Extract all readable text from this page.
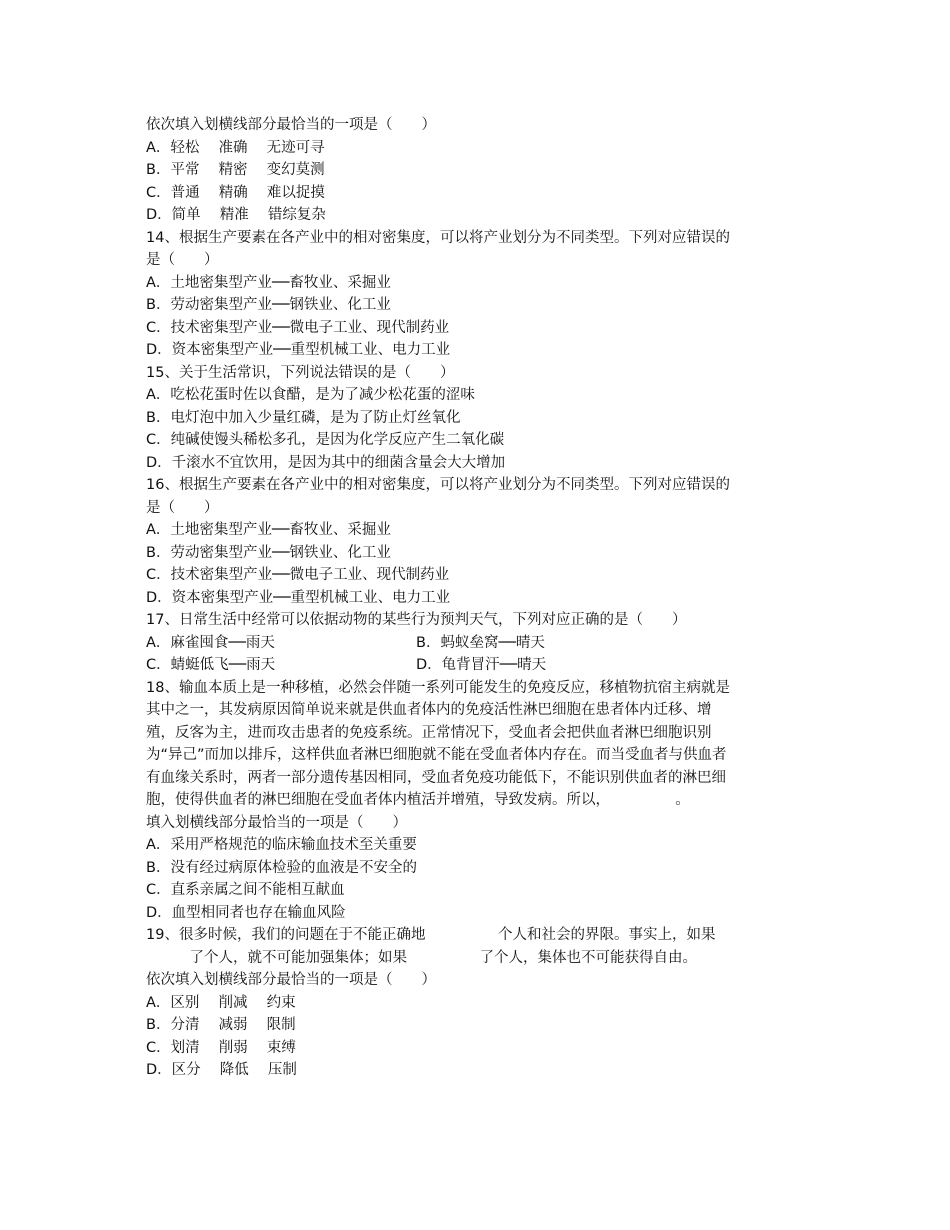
依次填入划横线部分最恰当的一项是（　　）
A．轻松　 准确　 无迹可寻
B．平常　 精密　 变幻莫测
C．普通　 精确　 难以捉摸
D．简单　 精准　 错综复杂
14、根据生产要素在各产业中的相对密集度，可以将产业划分为不同类型。下列对应错误的
是（　　）
A．土地密集型产业──畜牧业、采掘业
B．劳动密集型产业──钢铁业、化工业
C．技术密集型产业──微电子工业、现代制药业
D．资本密集型产业──重型机械工业、电力工业
15、关于生活常识，下列说法错误的是（　　）
A．吃松花蛋时佐以食醋，是为了减少松花蛋的涩味
B．电灯泡中加入少量红磷，是为了防止灯丝氧化
C．纯碱使馒头稀松多孔，是因为化学反应产生二氧化碳
D．千滚水不宜饮用，是因为其中的细菌含量会大大增加
16、根据生产要素在各产业中的相对密集度，可以将产业划分为不同类型。下列对应错误的
是（　　）
A．土地密集型产业──畜牧业、采掘业
B．劳动密集型产业──钢铁业、化工业
C．技术密集型产业──微电子工业、现代制药业
D．资本密集型产业──重型机械工业、电力工业
17、日常生活中经常可以依据动物的某些行为预判天气，下列对应正确的是（　　）
A．麻雀囤食──雨天	B．蚂蚁垒窝──晴天
C．蜻蜓低飞──雨天	D．龟背冒汗──晴天
18、输血本质上是一种移植，必然会伴随一系列可能发生的免疫反应，移植物抗宿主病就是
其中之一，其发病原因简单说来就是供血者体内的免疫活性淋巴细胞在患者体内迁移、增
殖，反客为主，进而攻击患者的免疫系统。正常情况下，受血者会把供血者淋巴细胞识别
为“异己”而加以排斥，这样供血者淋巴细胞就不能在受血者体内存在。而当受血者与供血者
有血缘关系时，两者一部分遗传基因相同，受血者免疫功能低下，不能识别供血者的淋巴细
胞，使得供血者的淋巴细胞在受血者体内植活并增殖，导致发病。所以，　　　　　。
填入划横线部分最恰当的一项是（　　）
A．采用严格规范的临床输血技术至关重要
B．没有经过病原体检验的血液是不安全的
C．直系亲属之间不能相互献血
D．血型相同者也存在输血风险
19、很多时候，我们的问题在于不能正确地　　　　　个人和社会的界限。事实上，如果
　　　了个人，就不可能加强集体；如果　　　　　了个人，集体也不可能获得自由。
依次填入划横线部分最恰当的一项是（　　）
A．区别　 削减　 约束
B．分清　 减弱　 限制
C．划清　 削弱　 束缚
D．区分　 降低　 压制
